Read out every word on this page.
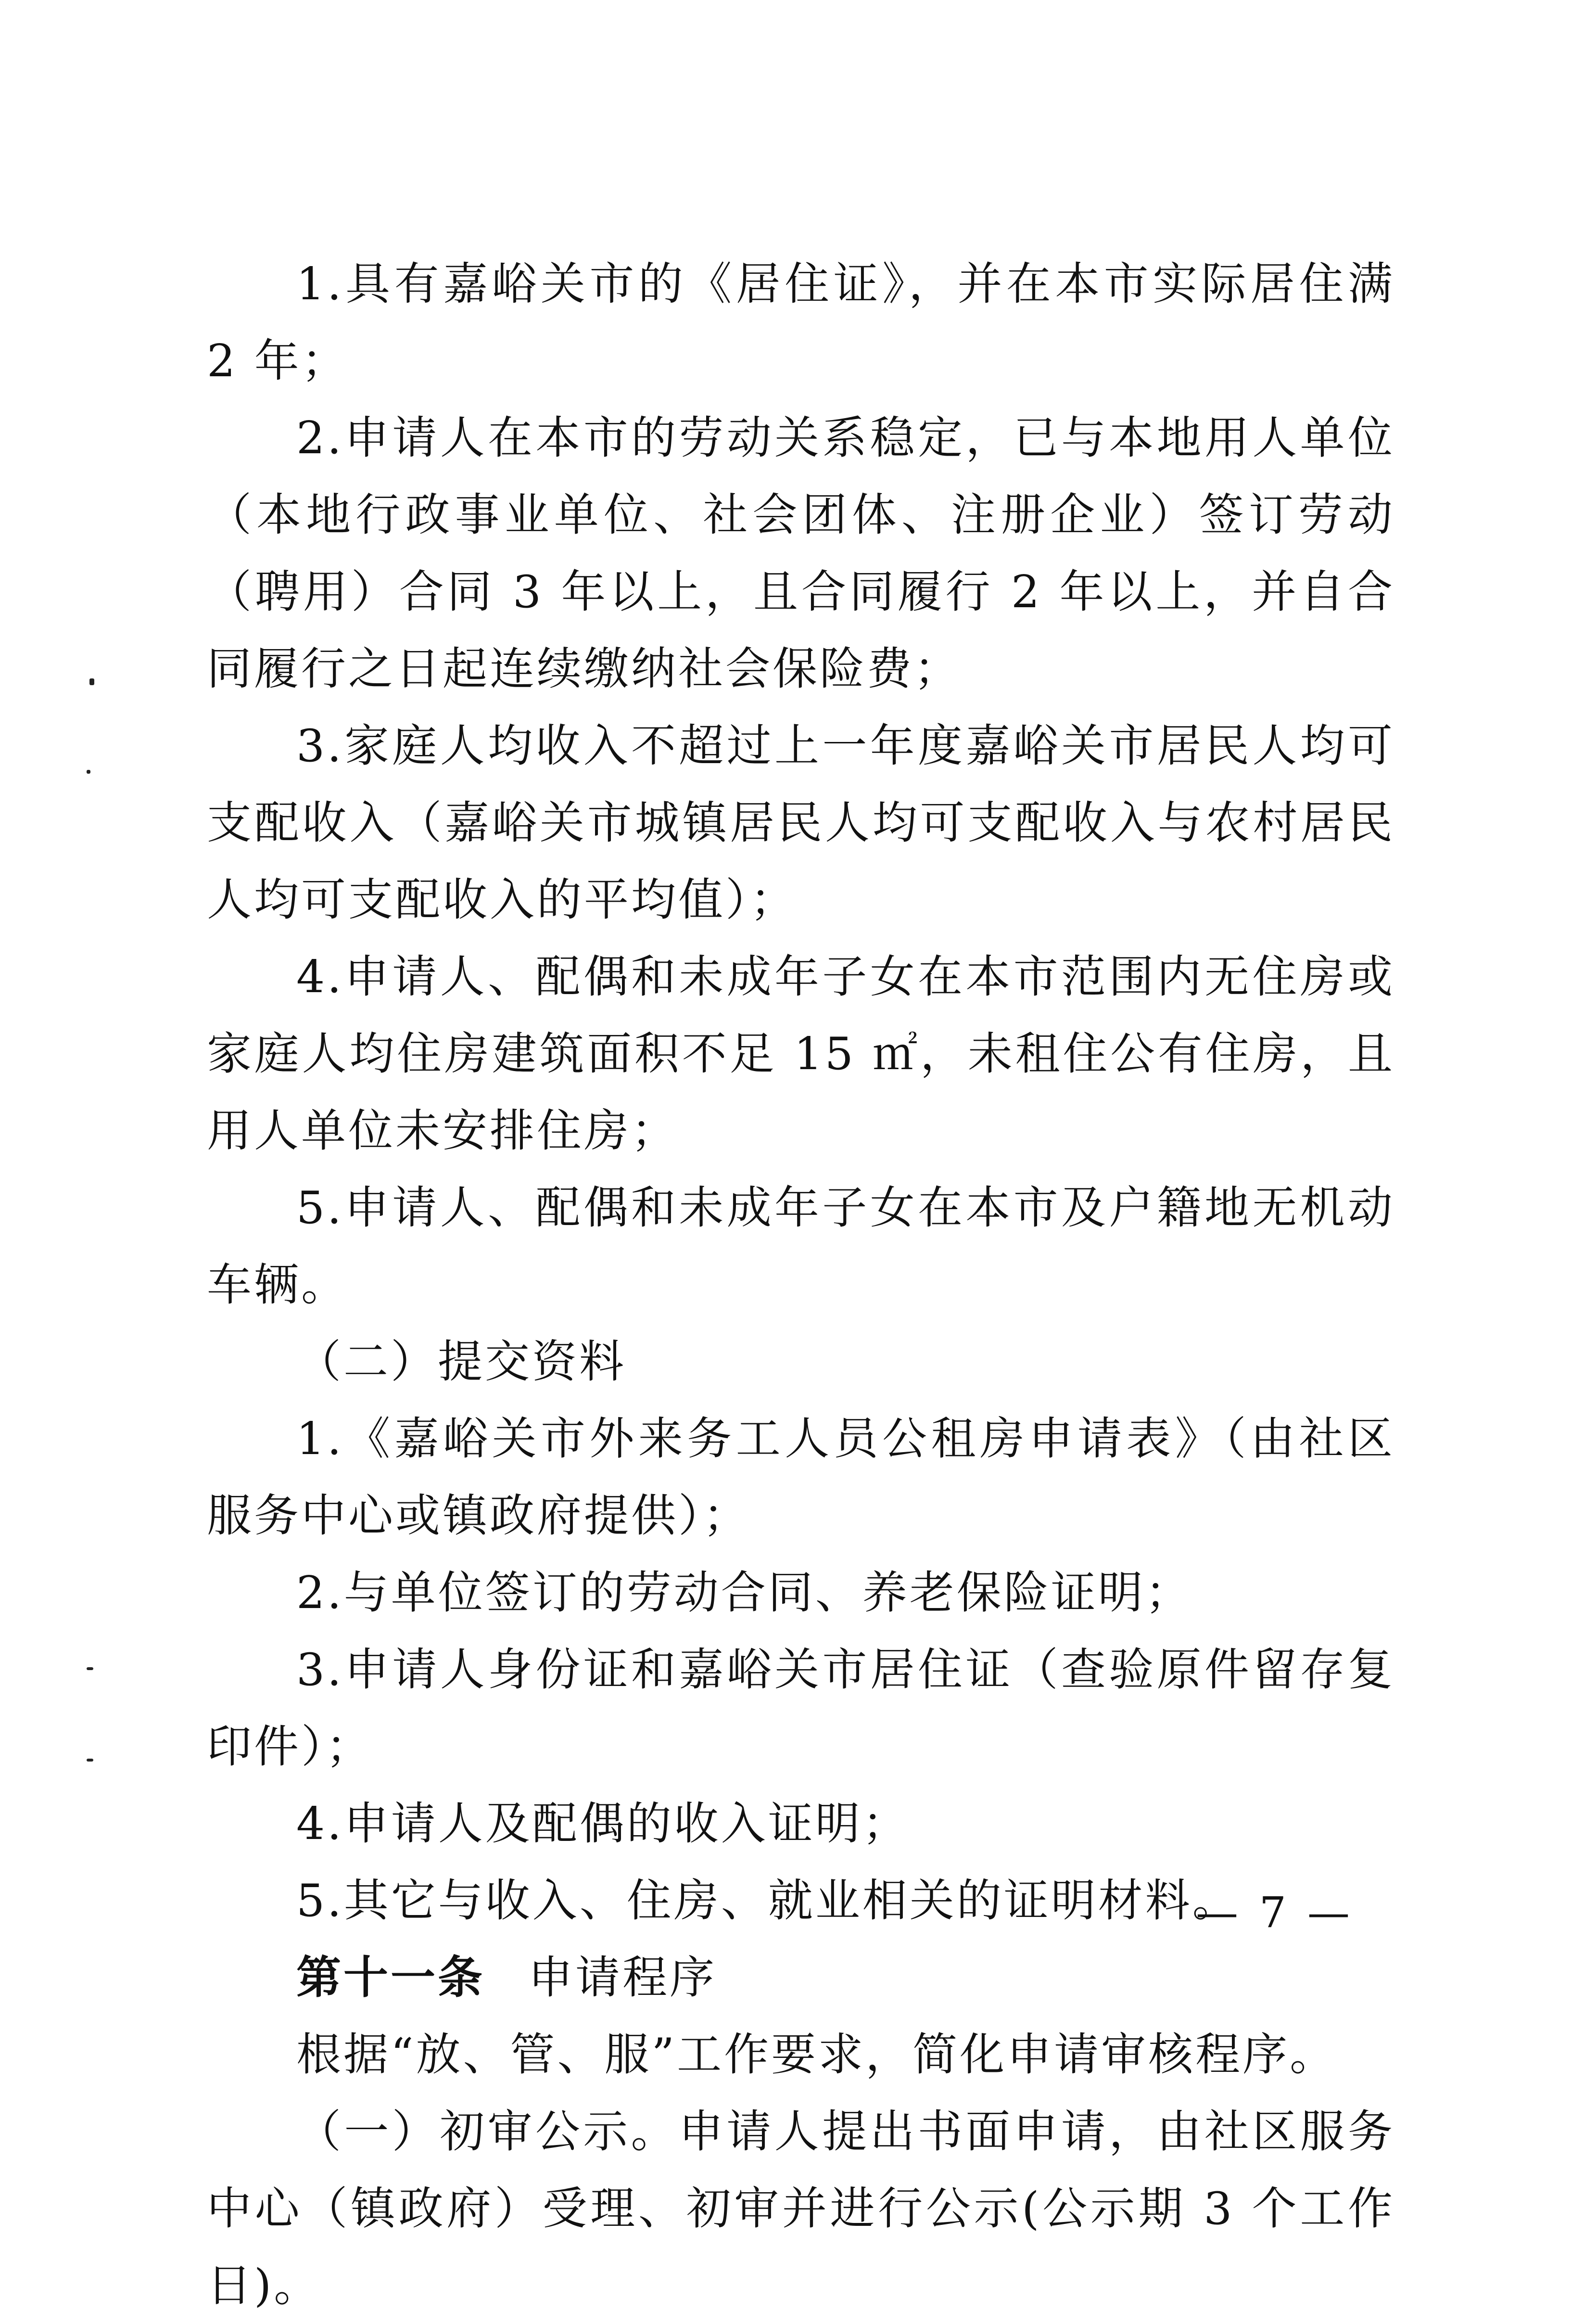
1.具有嘉峪关市的《居住证》，并在本市实际居住满 2 年；

2.申请人在本市的劳动关系稳定，已与本地用人单位（本地行政事业单位、社会团体、注册企业）签订劳动（聘用）合同 3 年以上，且合同履行 2 年以上，并自合同履行之日起连续缴纳社会保险费；

3.家庭人均收入不超过上一年度嘉峪关市居民人均可支配收入（嘉峪关市城镇居民人均可支配收入与农村居民人均可支配收入的平均值）；

4.申请人、配偶和未成年子女在本市范围内无住房或家庭人均住房建筑面积不足 15 ㎡，未租住公有住房，且用人单位未安排住房；

5.申请人、配偶和未成年子女在本市及户籍地无机动车辆。

（二）提交资料

1.《嘉峪关市外来务工人员公租房申请表》（由社区服务中心或镇政府提供）；

2.与单位签订的劳动合同、养老保险证明；

3.申请人身份证和嘉峪关市居住证（查验原件留存复印件）；

4.申请人及配偶的收入证明；

5.其它与收入、住房、就业相关的证明材料。

第十一条 申请程序

根据“放、管、服”工作要求，简化申请审核程序。

（一）初审公示。申请人提出书面申请，由社区服务中心（镇政府）受理、初审并进行公示(公示期 3 个工作日)。

— 7 —
